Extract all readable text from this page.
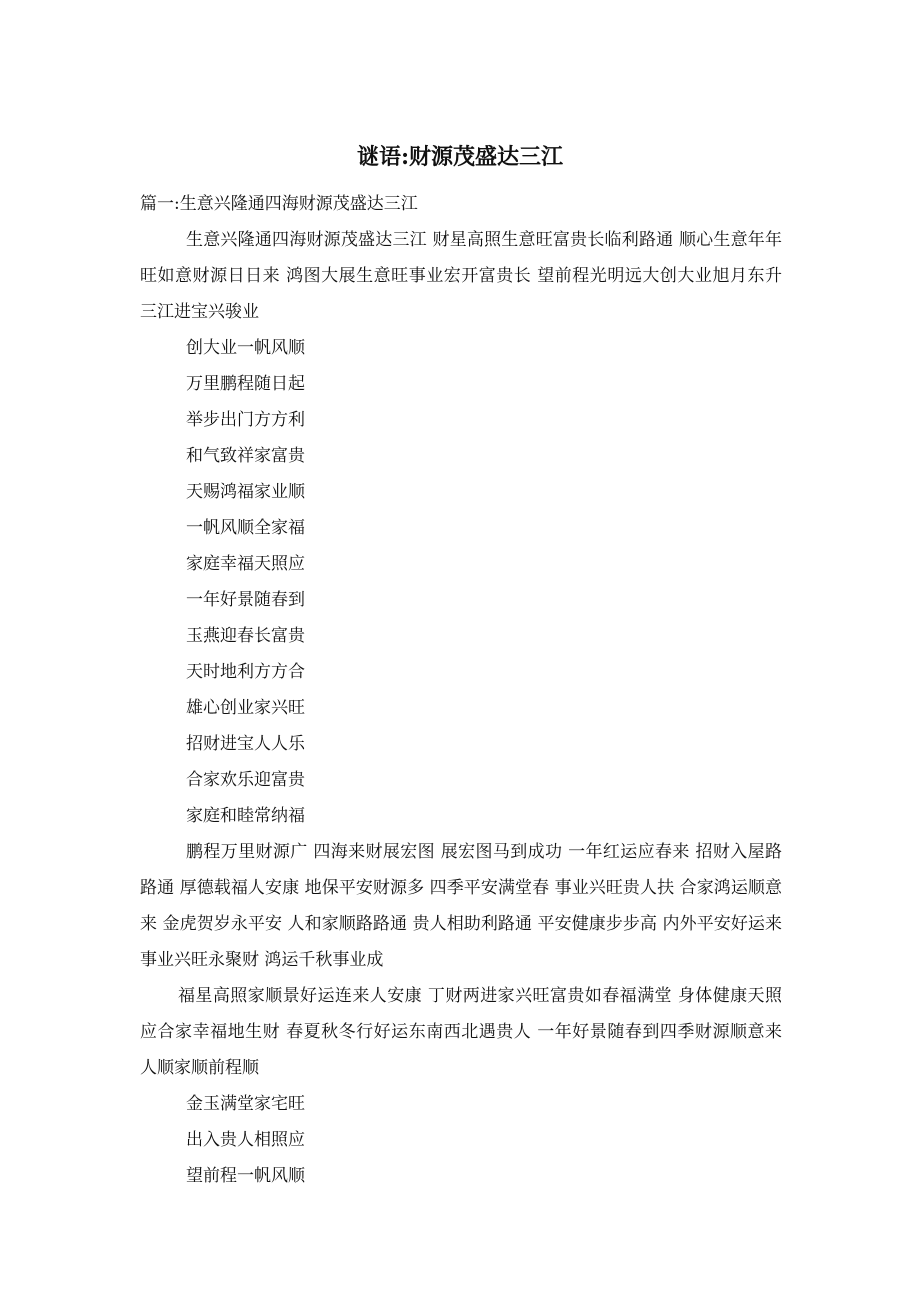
谜语:财源茂盛达三江

篇一:生意兴隆通四海财源茂盛达三江

生意兴隆通四海财源茂盛达三江 财星高照生意旺富贵长临利路通 顺心生意年年旺如意财源日日来 鸿图大展生意旺事业宏开富贵长 望前程光明远大创大业旭月东升 三江进宝兴骏业

创大业一帆风顺

万里鹏程随日起

举步出门方方利

和气致祥家富贵

天赐鸿福家业顺

一帆风顺全家福

家庭幸福天照应

一年好景随春到

玉燕迎春长富贵

天时地利方方合

雄心创业家兴旺

招财进宝人人乐

合家欢乐迎富贵

家庭和睦常纳福

鹏程万里财源广 四海来财展宏图 展宏图马到成功 一年红运应春来 招财入屋路路通 厚德载福人安康 地保平安财源多 四季平安满堂春 事业兴旺贵人扶 合家鸿运顺意来 金虎贺岁永平安 人和家顺路路通 贵人相助利路通 平安健康步步高 内外平安好运来 事业兴旺永聚财 鸿运千秋事业成

福星高照家顺景好运连来人安康 丁财两进家兴旺富贵如春福满堂 身体健康天照应合家幸福地生财 春夏秋冬行好运东南西北遇贵人 一年好景随春到四季财源顺意来 人顺家顺前程顺

金玉满堂家宅旺

出入贵人相照应

望前程一帆风顺
